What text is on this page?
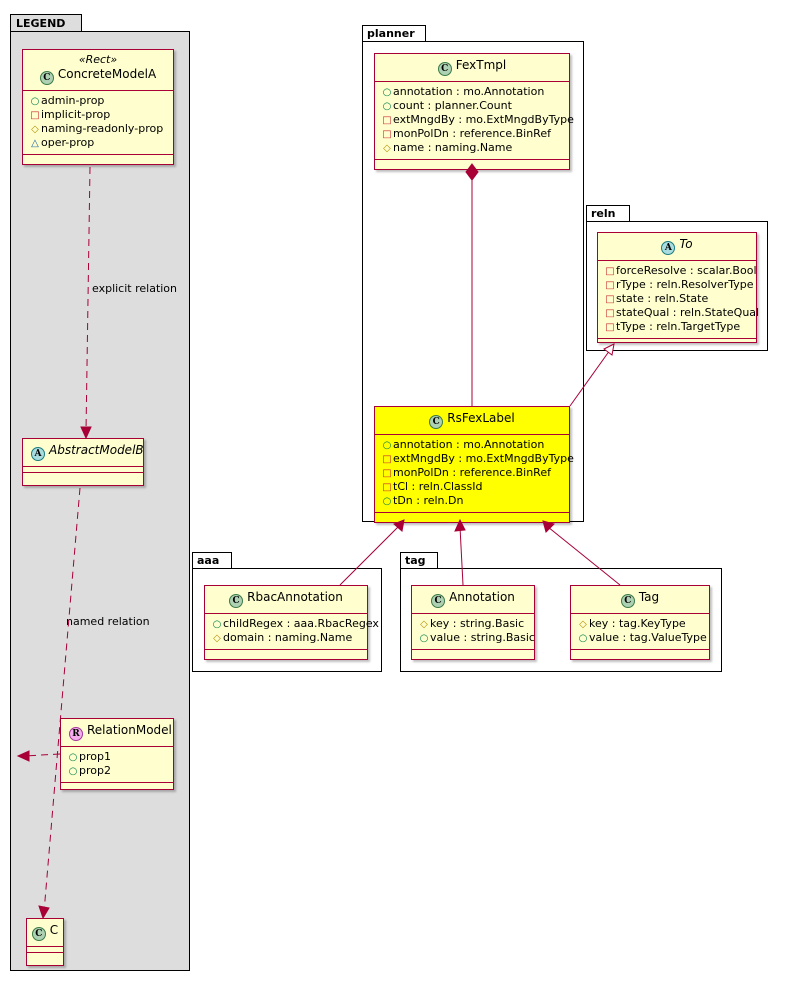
LEGEND
«Rect»
C ConcreteModelA
○ admin-prop
□implicit-prop
◇ naming-readonly-prop
△ oper-prop
A AbstractModelB
R RelationModel
○ prop1
○ prop2
C C
explicit relation
named relation
planner
C FexTmpl
○ annotation : mo.Annotation
○ count : planner.Count
□extMngdBy : mo.ExtMngdByType
□monPolDn : reference.BinRef
◇ name : naming.Name
C RsFexLabel
○ annotation : mo.Annotation
□extMngdBy : mo.ExtMngdByType
□monPolDn : reference.BinRef
□tCl : reln.ClassId
○ tDn : reln.Dn
reln
A To
□forceResolve : scalar.Bool
□rType : reln.ResolverType
□state : reln.State
□stateQual : reln.StateQual
□tType : reln.TargetType
aaa
C RbacAnnotation
○ childRegex : aaa.RbacRegex
◇ domain : naming.Name
tag
C Annotation
◇ key : string.Basic
○ value : string.Basic
C Tag
◇ key : tag.KeyType
○ value : tag.ValueType
